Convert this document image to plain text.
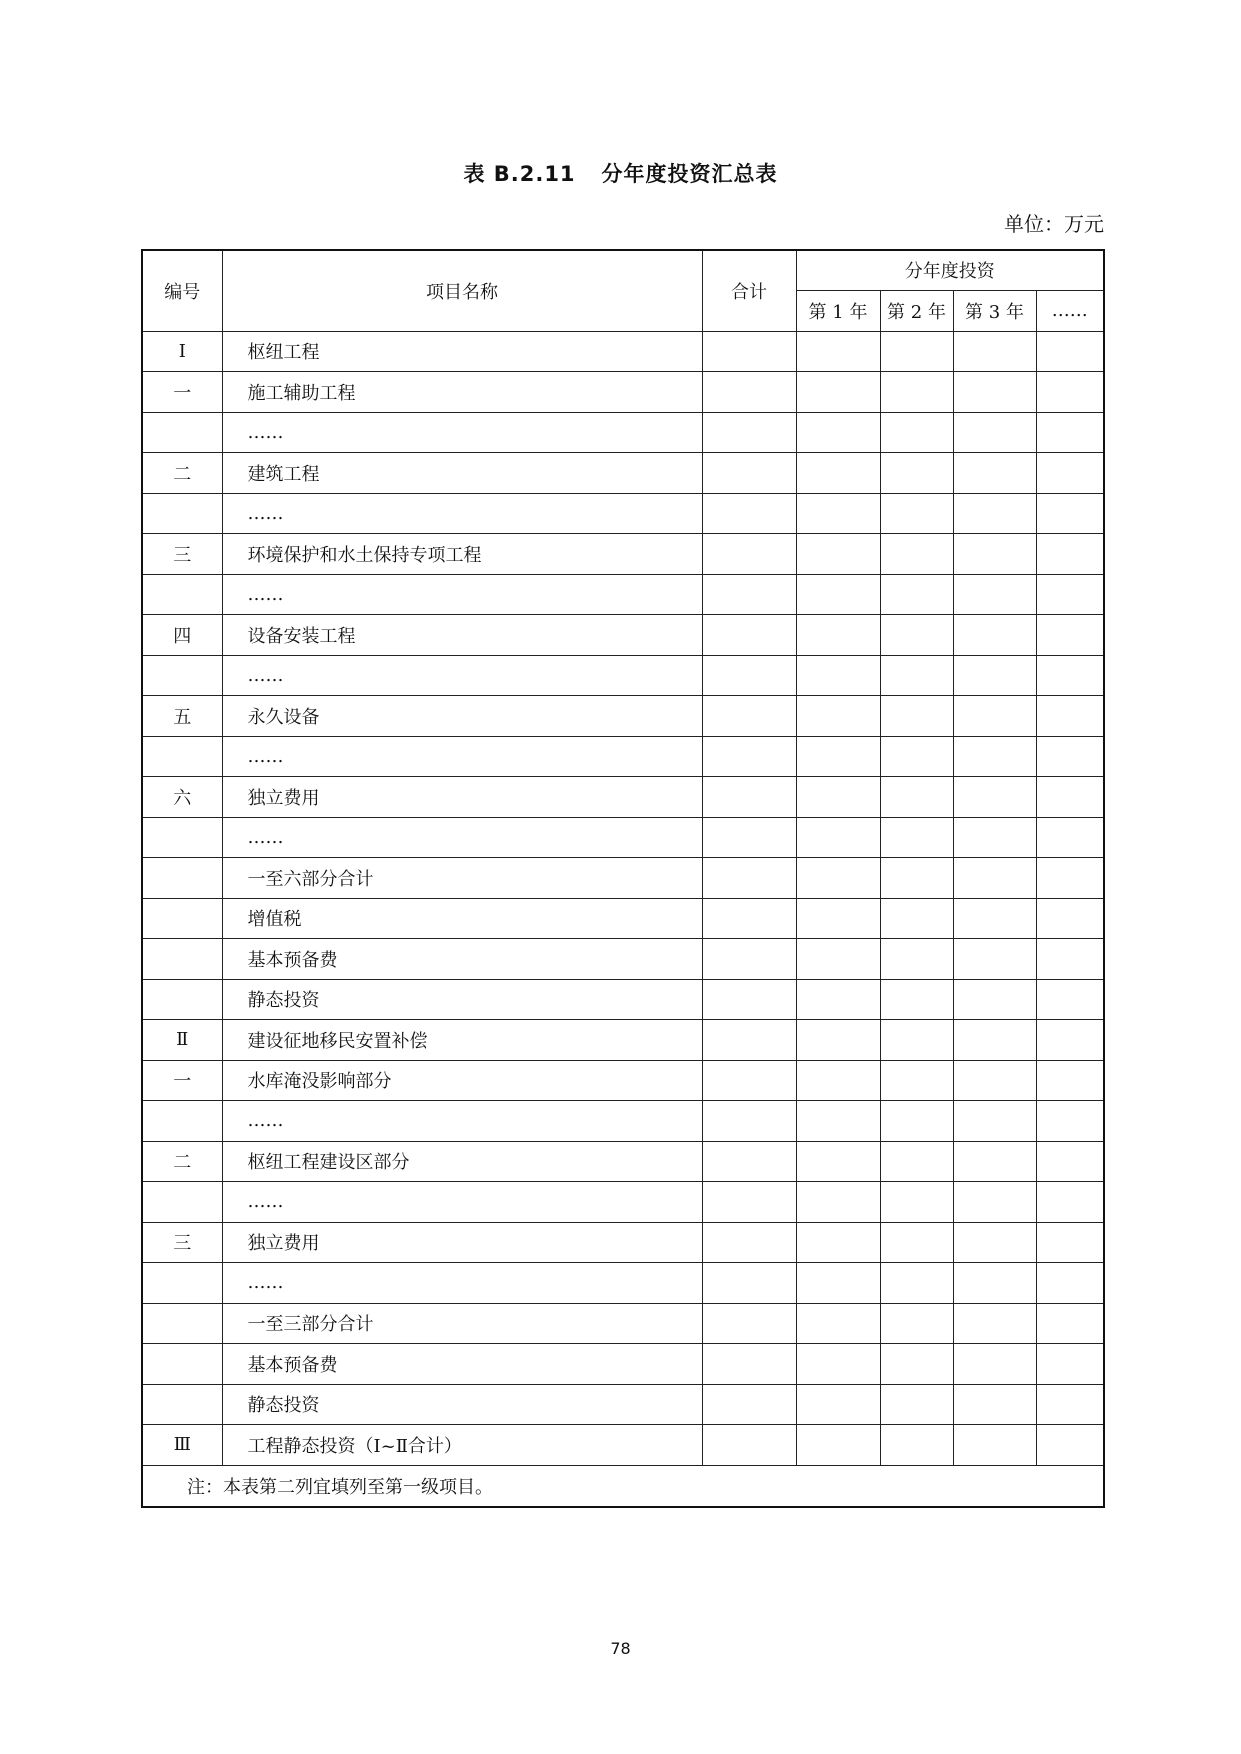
表 B.2.11 分年度投资汇总表
单位：万元
编号	项目名称	合计	分年度投资			
			第 1 年	第 2 年	第 3 年	……
Ⅰ	枢纽工程					
一	施工辅助工程					
	……					
二	建筑工程					
	……					
三	环境保护和水土保持专项工程					
	……					
四	设备安装工程					
	……					
五	永久设备					
	……					
六	独立费用					
	……					
	一至六部分合计					
	增值税					
	基本预备费					
	静态投资					
Ⅱ	建设征地移民安置补偿					
一	水库淹没影响部分					
	……					
二	枢纽工程建设区部分					
	……					
三	独立费用					
	……					
	一至三部分合计					
	基本预备费					
	静态投资					
Ⅲ	工程静态投资（Ⅰ~Ⅱ合计）					
注：本表第二列宜填列至第一级项目。						
78
